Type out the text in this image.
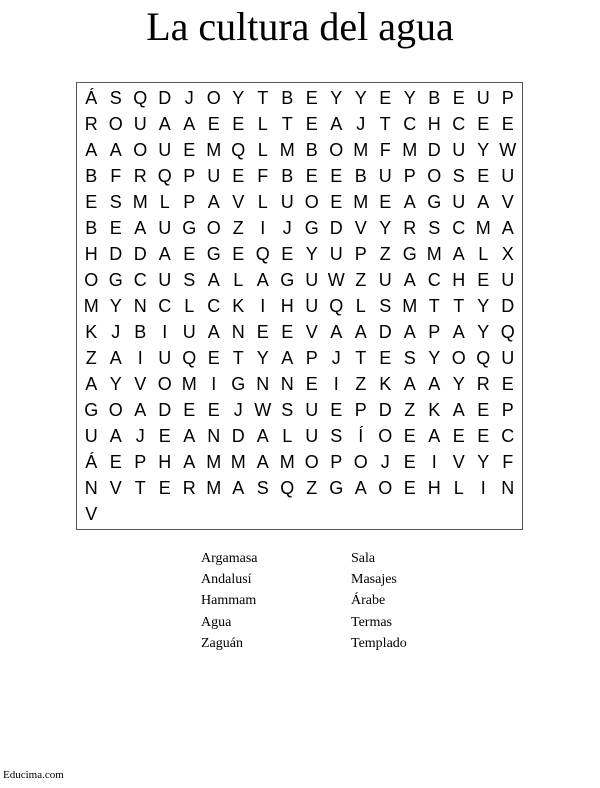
La cultura del agua
Á S Q D J O Y T B E Y Y E Y B E U P
R O U A A E E L T E A J T C H C E E
A A O U E M Q L M B O M F M D U Y W
B F R Q P U E F B E E B U P O S E U
E S M L P A V L U O E M E A G U A V
B E A U G O Z I J G D V Y R S C M A
H D D A E G E Q E Y U P Z G M A L X
O G C U S A L A G U W Z U A C H E U
M Y N C L C K I H U Q L S M T T Y D
K J B I U A N E E V A A D A P A Y Q
Z A I U Q E T Y A P J T E S Y O Q U
A Y V O M I G N N E I Z K A A Y R E
G O A D E E J W S U E P D Z K A E P
U A J E A N D A L U S Í O E A E E C
Á E P H A M M A M O P O J E I V Y F
N V T E R M A S Q Z G A O E H L I N
V
Argamasa
Andalusí
Hammam
Agua
Zaguán
Sala
Masajes
Árabe
Termas
Templado
Educima.com
